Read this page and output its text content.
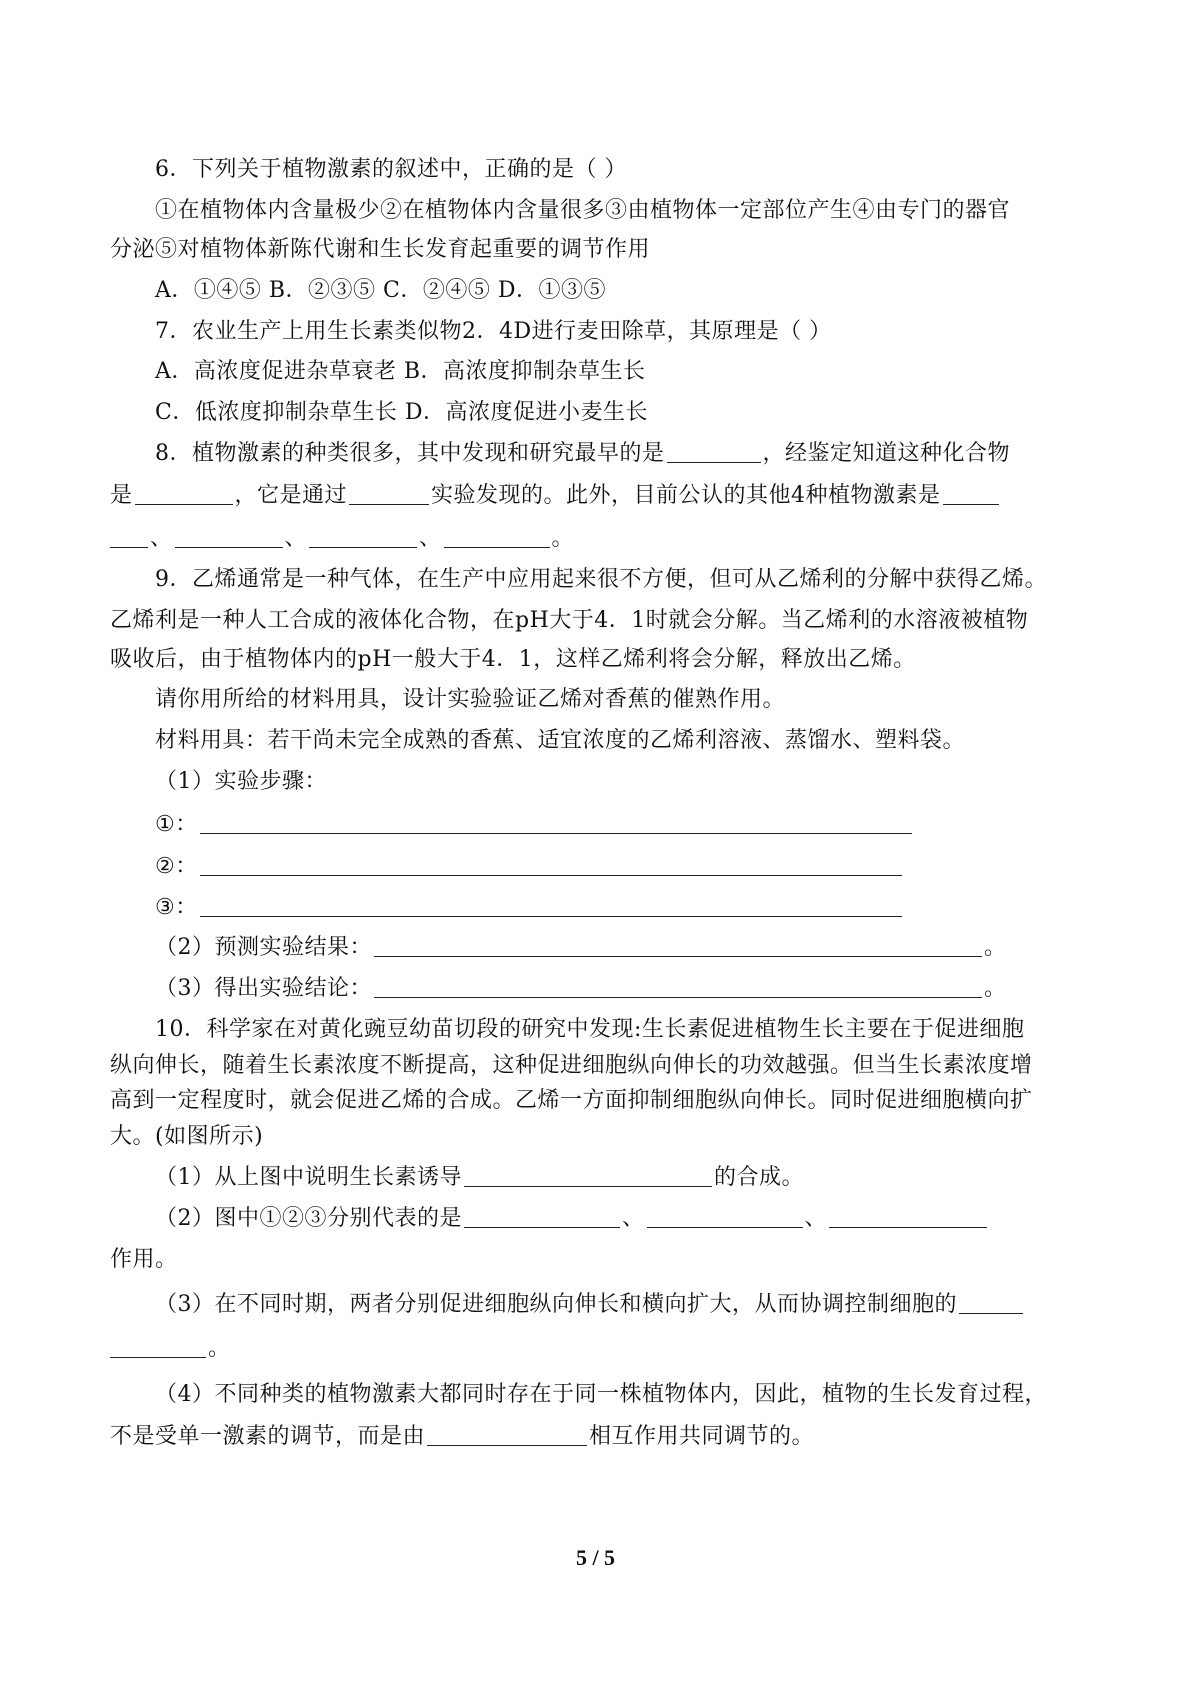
6．下列关于植物激素的叙述中，正确的是（ ）
①在植物体内含量极少②在植物体内含量很多③由植物体一定部位产生④由专门的器官
分泌⑤对植物体新陈代谢和生长发育起重要的调节作用
A．①④⑤ B．②③⑤ C．②④⑤ D．①③⑤
7．农业生产上用生长素类似物2．4D进行麦田除草，其原理是（ ）
A．高浓度促进杂草衰老 B．高浓度抑制杂草生长
C．低浓度抑制杂草生长 D．高浓度促进小麦生长
8．植物激素的种类很多，其中发现和研究最早的是	，经鉴定知道这种化合物
是	，它是通过	实验发现的。此外，目前公认的其他4种植物激素是
、	、	、	。
9．乙烯通常是一种气体，在生产中应用起来很不方便，但可从乙烯利的分解中获得乙烯。
乙烯利是一种人工合成的液体化合物，在pH大于4．1时就会分解。当乙烯利的水溶液被植物
吸收后，由于植物体内的pH一般大于4．1，这样乙烯利将会分解，释放出乙烯。
请你用所给的材料用具，设计实验验证乙烯对香蕉的催熟作用。
材料用具：若干尚未完全成熟的香蕉、适宜浓度的乙烯利溶液、蒸馏水、塑料袋。
（1）实验步骤：
①：
②：
③：
（2）预测实验结果：	。
（3）得出实验结论：	。
10．科学家在对黄化豌豆幼苗切段的研究中发现:生长素促进植物生长主要在于促进细胞
纵向伸长，随着生长素浓度不断提高，这种促进细胞纵向伸长的功效越强。但当生长素浓度增
高到一定程度时，就会促进乙烯的合成。乙烯一方面抑制细胞纵向伸长。同时促进细胞横向扩
大。(如图所示)
（1）从上图中说明生长素诱导	的合成。
（2）图中①②③分别代表的是	、	、
作用。
（3）在不同时期，两者分别促进细胞纵向伸长和横向扩大，从而协调控制细胞的
。
（4）不同种类的植物激素大都同时存在于同一株植物体内，因此，植物的生长发育过程，
不是受单一激素的调节，而是由	相互作用共同调节的。
5 / 5
